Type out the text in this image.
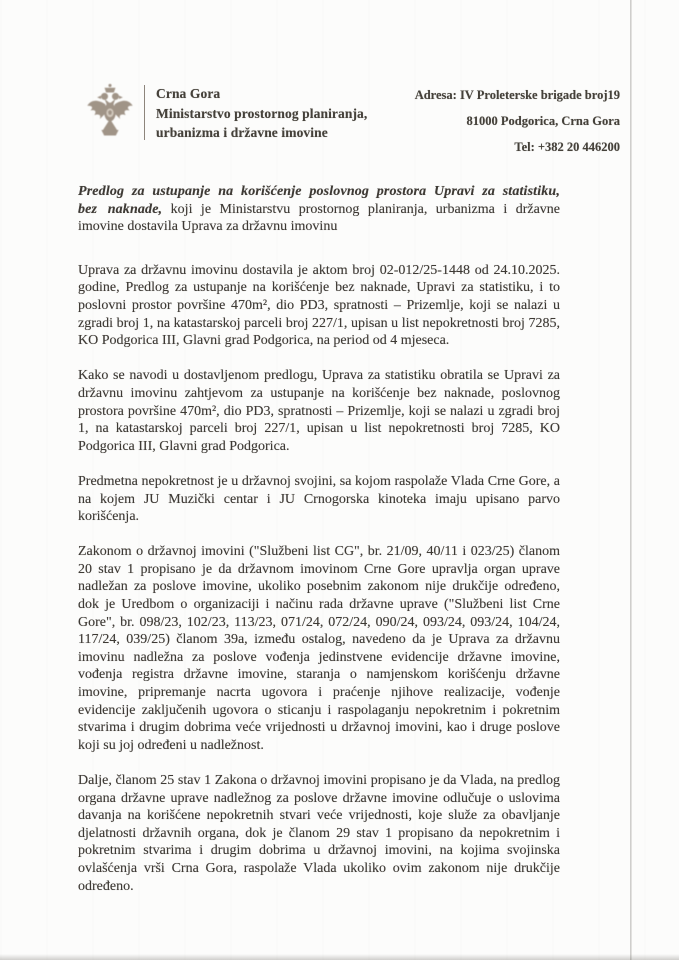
Crna Gora
Ministarstvo prostornog planiranja,
urbanizma i državne imovine
Adresa: IV Proleterske brigade broj19
81000 Podgorica, Crna Gora
Tel: +382 20 446200

Predlog za ustupanje na korišćenje poslovnog prostora Upravi za statistiku, bez naknade, koji je Ministarstvu prostornog planiranja, urbanizma i državne imovine dostavila Uprava za državnu imovinu

Uprava za državnu imovinu dostavila je aktom broj 02-012/25-1448 od 24.10.2025. godine, Predlog za ustupanje na korišćenje bez naknade, Upravi za statistiku, i to poslovni prostor površine 470m², dio PD3, spratnosti – Prizemlje, koji se nalazi u zgradi broj 1, na katastarskoj parceli broj 227/1, upisan u list nepokretnosti broj 7285, KO Podgorica III, Glavni grad Podgorica, na period od 4 mjeseca.

Kako se navodi u dostavljenom predlogu, Uprava za statistiku obratila se Upravi za državnu imovinu zahtjevom za ustupanje na korišćenje bez naknade, poslovnog prostora površine 470m², dio PD3, spratnosti – Prizemlje, koji se nalazi u zgradi broj 1, na katastarskoj parceli broj 227/1, upisan u list nepokretnosti broj 7285, KO Podgorica III, Glavni grad Podgorica.

Predmetna nepokretnost je u državnoj svojini, sa kojom raspolaže Vlada Crne Gore, a na kojem JU Muzički centar i JU Crnogorska kinoteka imaju upisano parvo korišćenja.

Zakonom o državnoj imovini ("Službeni list CG", br. 21/09, 40/11 i 023/25) članom 20 stav 1 propisano je da državnom imovinom Crne Gore upravlja organ uprave nadležan za poslove imovine, ukoliko posebnim zakonom nije drukčije određeno, dok je Uredbom o organizaciji i načinu rada državne uprave ("Službeni list Crne Gore", br. 098/23, 102/23, 113/23, 071/24, 072/24, 090/24, 093/24, 093/24, 104/24, 117/24, 039/25) članom 39a, između ostalog, navedeno da je Uprava za državnu imovinu nadležna za poslove vođenja jedinstvene evidencije državne imovine, vođenja registra državne imovine, staranja o namjenskom korišćenju državne imovine, pripremanje nacrta ugovora i praćenje njihove realizacije, vođenje evidencije zaključenih ugovora o sticanju i raspolaganju nepokretnim i pokretnim stvarima i drugim dobrima veće vrijednosti u državnoj imovini, kao i druge poslove koji su joj određeni u nadležnost.

Dalje, članom 25 stav 1 Zakona o državnoj imovini propisano je da Vlada, na predlog organa državne uprave nadležnog za poslove državne imovine odlučuje o uslovima davanja na korišćene nepokretnih stvari veće vrijednosti, koje služe za obavljanje djelatnosti državnih organa, dok je članom 29 stav 1 propisano da nepokretnim i pokretnim stvarima i drugim dobrima u državnoj imovini, na kojima svojinska ovlašćenja vrši Crna Gora, raspolaže Vlada ukoliko ovim zakonom nije drukčije određeno.
